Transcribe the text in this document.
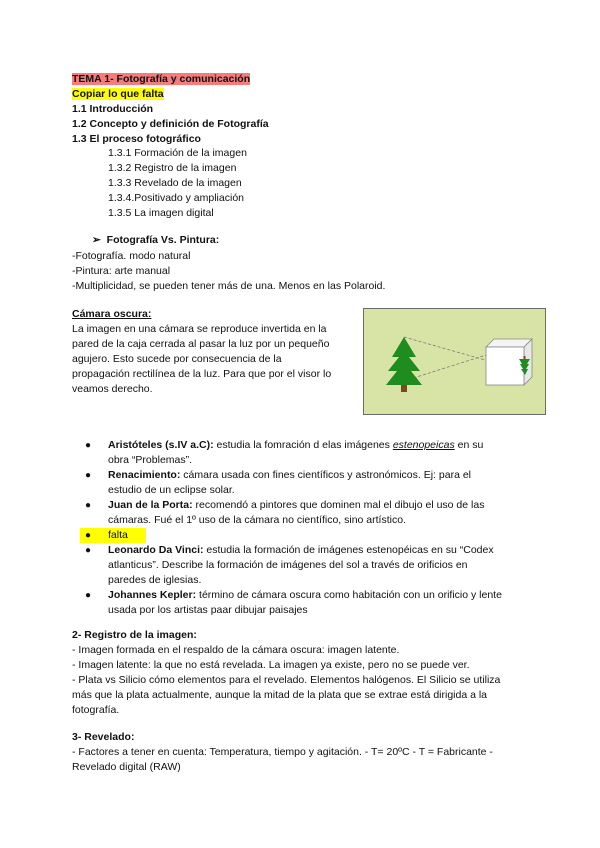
TEMA 1- Fotografía y comunicación
Copiar lo que falta
1.1 Introducción
1.2 Concepto y definición de Fotografía
1.3 El proceso fotográfico
1.3.1 Formación de la imagen
1.3.2 Registro de la imagen
1.3.3 Revelado de la imagen
1.3.4.Positivado y ampliación
1.3.5 La imagen digital
➢ Fotografía Vs. Pintura:
-Fotografía. modo natural
-Pintura: arte manual
-Multiplicidad, se pueden tener más de una. Menos en las Polaroid.
Cámara oscura:
La imagen en una cámara se reproduce invertida en la
pared de la caja cerrada al pasar la luz por un pequeño
agujero. Esto sucede por consecuencia de la
propagación rectilínea de la luz. Para que por el visor lo
veamos derecho.

● Aristóteles (s.IV a.C): estudia la fomración d elas imágenes estenopeicas en su
obra “Problemas”.

● Renacimiento: cámara usada con fines científicos y astronómicos. Ej: para el
estudio de un eclipse solar.

● Juan de la Porta: recomendó a pintores que dominen mal el dibujo el uso de las
cámaras. Fué el 1º uso de la cámara no científico, sino artístico.

● falta

● Leonardo Da Vinci: estudia la formación de imágenes estenopéicas en su “Codex
atlanticus”. Describe la formación de imágenes del sol a través de orificios en
paredes de iglesias.

● Johannes Kepler: término de cámara oscura como habitación con un orificio y lente
usada por los artistas paar dibujar paisajes

2- Registro de la imagen:
- Imagen formada en el respaldo de la cámara oscura: imagen latente.
- Imagen latente: la que no está revelada. La imagen ya existe, pero no se puede ver.
- Plata vs Silicio cómo elementos para el revelado. Elementos halógenos. El Silicio se utiliza
más que la plata actualmente, aunque la mitad de la plata que se extrae está dirigida a la
fotografía.
3- Revelado:
- Factores a tener en cuenta: Temperatura, tiempo y agitación. - T= 20ºC - T = Fabricante -
Revelado digital (RAW)
